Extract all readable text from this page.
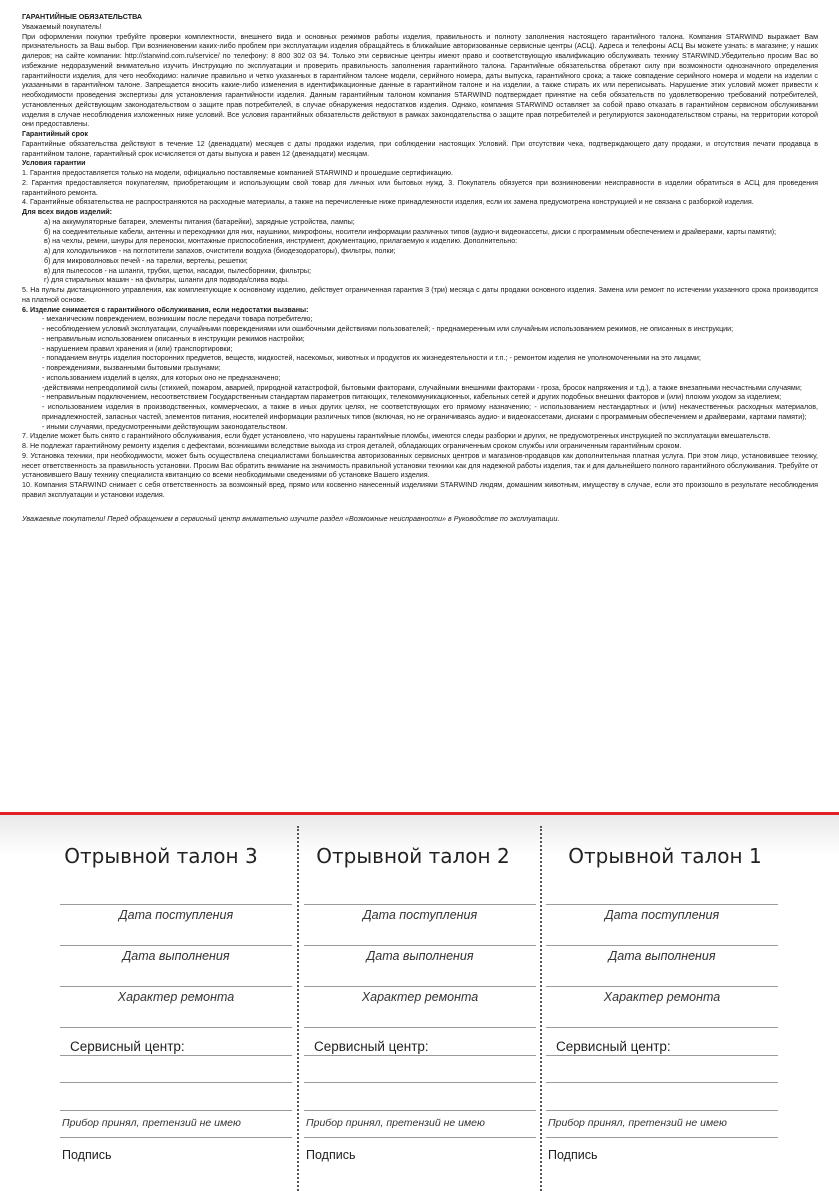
ГАРАНТИЙНЫЕ ОБЯЗАТЕЛЬСТВА

Уважаемый покупатель!

При оформлении покупки требуйте проверки комплектности, внешнего вида и основных режимов работы изделия, правильность и полноту заполнения настоящего гарантийного талона. Компания STARWIND выражает Вам признательность за Ваш выбор. При возникновении каких-либо проблем при эксплуатации изделия обращайтесь в ближайшие авторизованные сервисные центры (АСЦ). Адреса и телефоны АСЦ Вы можете узнать: в магазине; у наших дилеров; на сайте компании: http://starwind.com.ru/service/ по телефону: 8 800 302 03 94. Только эти сервисные центры имеют право и соответствующую квалификацию обслуживать технику STARWIND.Убедительно просим Вас во избежание недоразумений внимательно изучить Инструкцию по эксплуатации и проверить правильность заполнения гарантийного талона. Гарантийные обязательства обретают силу при возможности однозначного определения гарантийности изделия, для чего необходимо: наличие правильно и четко указанных в гарантийном талоне модели, серийного номера, даты выпуска, гарантийного срока; а также совпадение серийного номера и модели на изделии с указанными в гарантийном талоне. Запрещается вносить какие-либо изменения в идентификационные данные в гарантийном талоне и на изделии, а также стирать их или переписывать. Нарушение этих условий может привести к необходимости проведения экспертизы для установления гарантийности изделия. Данным гарантийным талоном компания STARWIND подтверждает принятие на себя обязательств по удовлетворению требований потребителей, установленных действующим законодательством о защите прав потребителей, в случае обнаружения недостатков изделия. Однако, компания STARWIND оставляет за собой право отказать в гарантийном сервисном обслуживании изделия в случае несоблюдения изложенных ниже условий. Все условия гарантийных обязательств действуют в рамках законодательства о защите прав потребителей и регулируются законодательством страны, на территории которой они предоставлены.

Гарантийный срок

Гарантийные обязательства действуют в течение 12 (двенадцати) месяцев с даты продажи изделия, при соблюдении настоящих Условий. При отсутствии чека, подтверждающего дату продажи, и отсутствия печати продавца в гарантийном талоне, гарантийный срок исчисляется от даты выпуска и равен 12 (двенадцати) месяцам.

Условия гарантии

1. Гарантия предоставляется только на модели, официально поставляемые компанией STARWIND и прошедшие сертификацию.

2. Гарантия предоставляется покупателям, приобретающим и использующим свой товар для личных или бытовых нужд. 3. Покупатель обязуется при возникновении неисправности в изделии обратиться в АСЦ для проведения гарантийного ремонта.

4. Гарантийные обязательства не распространяются на расходные материалы, а также на перечисленные ниже принадлежности изделия, если их замена предусмотрена конструкцией и не связана с разборкой изделия.

Для всех видов изделий:

а) на аккумуляторные батареи, элементы питания (батарейки), зарядные устройства, лампы;

б) на соединительные кабели, антенны и переходники для них, наушники, микрофоны, носители информации различных типов (аудио-и видеокассеты, диски с программным обеспечением и драйверами, карты памяти);

в) на чехлы, ремни, шнуры для переноски, монтажные приспособления, инструмент, документацию, прилагаемую к изделию. Дополнительно:

а) для холодильников - на поглотители запахов, очистители воздуха (биодезодораторы), фильтры, полки;

б) для микроволновых печей - на тарелки, вертелы, решетки;

в) для пылесосов - на шланги, трубки, щетки, насадки, пылесборники, фильтры;

г) для стиральных машин - на фильтры, шланги для подвода/слива воды.

5. На пульты дистанционного управления, как комплектующие к основному изделию, действует ограниченная гарантия 3 (три) месяца с даты продажи основного изделия. Замена или ремонт по истечении указанного срока производится на платной основе.

6. Изделие снимается с гарантийного обслуживания, если недостатки вызваны:

- механическим повреждением, возникшим после передачи товара потребителю;

- несоблюдением условий эксплуатации, случайными повреждениями или ошибочными действиями пользователей; - преднамеренным или случайным использованием режимов, не описанных в инструкции;

- неправильным использованием описанных в инструкции режимов настройки;

- нарушением правил хранения и (или) транспортировки;

- попаданием внутрь изделия посторонних предметов, веществ, жидкостей, насекомых, животных и продуктов их жизнедеятельности и т.п.; - ремонтом изделия не уполномоченными на это лицами;

- повреждениями, вызванными бытовыми грызунами;

- использованием изделий в целях, для которых оно не предназначено;

-действиями непреодолимой силы (стихией, пожаром, аварией, природной катастрофой, бытовыми факторами, случайными внешними факторами - гроза, бросок напряжения и т.д.), а также внезапными несчастными случаями;

- неправильным подключением, несоответствием Государственным стандартам параметров питающих, телекоммуникационных, кабельных сетей и других подобных внешних факторов и (или) плохим уходом за изделием;

- использованием изделия в производственных, коммерческих, а также в иных других целях, не соответствующих его прямому назначению; - использованием нестандартных и (или) некачественных расходных материалов, принадлежностей, запасных частей, элементов питания, носителей информации различных типов (включая, но не ограничиваясь аудио- и видеокассетами, дисками с программным обеспечением и драйверами, картами памяти);

- иными случаями, предусмотренными действующим законодательством.

7. Изделие может быть снято с гарантийного обслуживания, если будет установлено, что нарушены гарантийные пломбы, имеются следы разборки и других, не предусмотренных инструкцией по эксплуатации вмешательств.

8. Не подлежат гарантийному ремонту изделия с дефектами, возникшими вследствие выхода из строя деталей, обладающих ограниченным сроком службы или ограниченным гарантийным сроком.

9. Установка техники, при необходимости, может быть осуществлена специалистами большинства авторизованных сервисных центров и магазинов-продавцов как дополнительная платная услуга. При этом лицо, установившее технику, несет ответственность за правильность установки. Просим Вас обратить внимание на значимость правильной установки техники как для надежной работы изделия, так и для дальнейшего полного гарантийного обслуживания. Требуйте от установившего Вашу технику специалиста квитанцию со всеми необходимыми сведениями об установке Вашего изделия.

10. Компания STARWIND снимает с себя ответственность за возможный вред, прямо или косвенно нанесенный изделиями STARWIND людям, домашним животным, имуществу в случае, если это произошло в результате несоблюдения правил эксплуатации и установки изделия.

Уважаемые покупатели! Перед обращением в сервисный центр внимательно изучите раздел «Возможные неисправности» в Руководстве по эксплуатации.

Отрывной талон 3
Дата поступления
Дата выполнения
Характер ремонта
Сервисный центр:
Прибор принял, претензий не имею
Подпись
Отрывной талон 2
Дата поступления
Дата выполнения
Характер ремонта
Сервисный центр:
Прибор принял, претензий не имею
Подпись
Отрывной талон 1
Дата поступления
Дата выполнения
Характер ремонта
Сервисный центр:
Прибор принял, претензий не имею
Подпись
